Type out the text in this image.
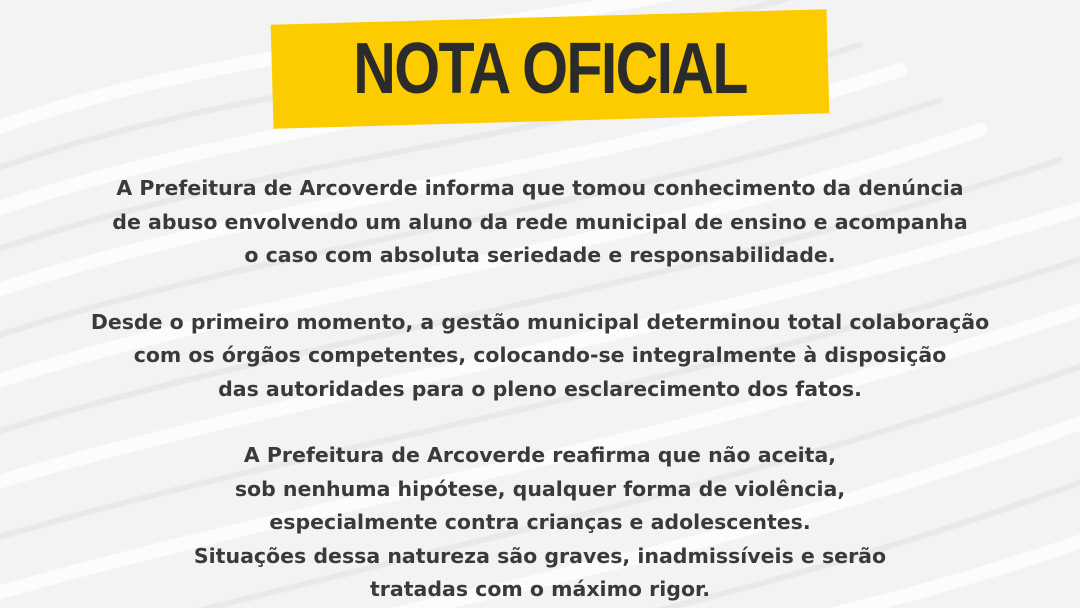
NOTA OFICIAL

A Prefeitura de Arcoverde informa que tomou conhecimento da denúncia
de abuso envolvendo um aluno da rede municipal de ensino e acompanha
o caso com absoluta seriedade e responsabilidade.

Desde o primeiro momento, a gestão municipal determinou total colaboração
com os órgãos competentes, colocando-se integralmente à disposição
das autoridades para o pleno esclarecimento dos fatos.

A Prefeitura de Arcoverde reafirma que não aceita,
sob nenhuma hipótese, qualquer forma de violência,
especialmente contra crianças e adolescentes.
Situações dessa natureza são graves, inadmissíveis e serão
tratadas com o máximo rigor.
